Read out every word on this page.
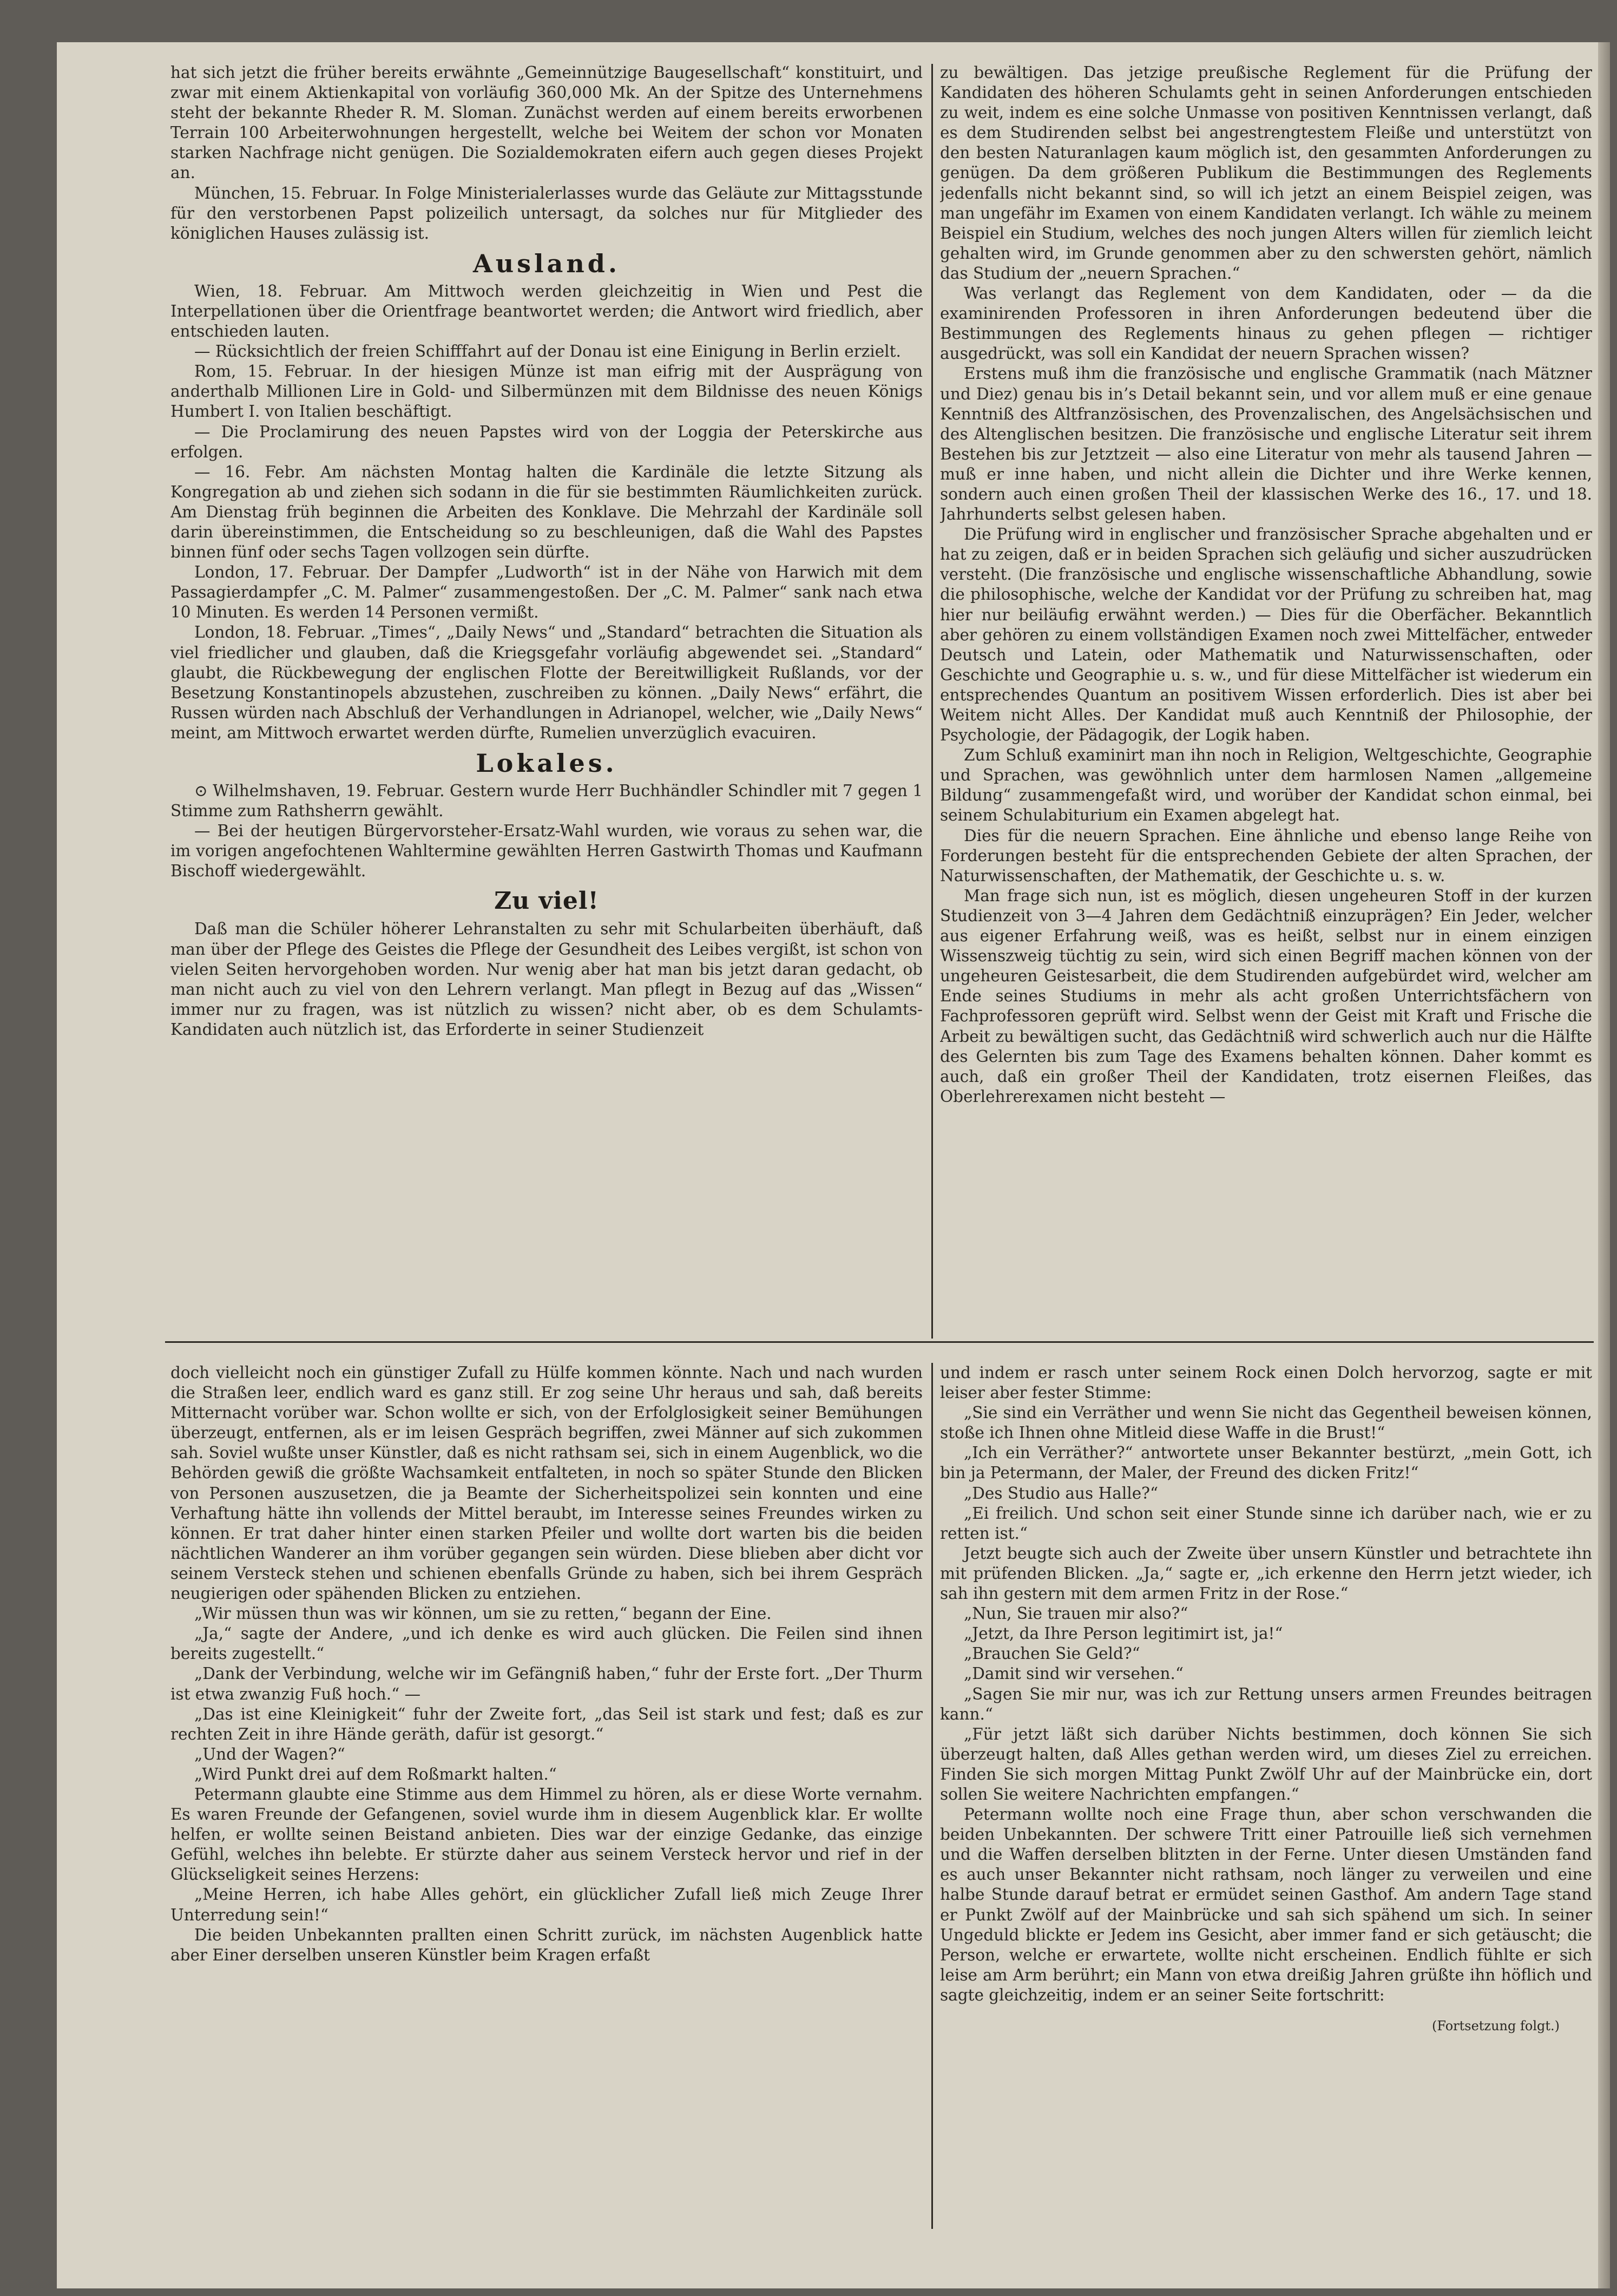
hat sich jetzt die früher bereits erwähnte „Gemeinnützige Baugesellschaft“ konstituirt, und zwar mit einem Aktienkapital von vorläufig 360,000 Mk. An der Spitze des Unternehmens steht der bekannte Rheder R. M. Sloman. Zunächst werden auf einem bereits erworbenen Terrain 100 Arbeiterwohnungen hergestellt, welche bei Weitem der schon vor Monaten starken Nachfrage nicht genügen. Die Sozialdemokraten eifern auch gegen dieses Projekt an.

München, 15. Februar. In Folge Ministerialerlasses wurde das Geläute zur Mittagsstunde für den verstorbenen Papst polizeilich untersagt, da solches nur für Mitglieder des königlichen Hauses zulässig ist.

Ausland.

Wien, 18. Februar. Am Mittwoch werden gleichzeitig in Wien und Pest die Interpellationen über die Orientfrage beantwortet werden; die Antwort wird friedlich, aber entschieden lauten.

— Rücksichtlich der freien Schifffahrt auf der Donau ist eine Einigung in Berlin erzielt.

Rom, 15. Februar. In der hiesigen Münze ist man eifrig mit der Ausprägung von anderthalb Millionen Lire in Gold- und Silbermünzen mit dem Bildnisse des neuen Königs Humbert I. von Italien beschäftigt.

— Die Proclamirung des neuen Papstes wird von der Loggia der Peterskirche aus erfolgen.

— 16. Febr. Am nächsten Montag halten die Kardinäle die letzte Sitzung als Kongregation ab und ziehen sich sodann in die für sie bestimmten Räumlichkeiten zurück. Am Dienstag früh beginnen die Arbeiten des Konklave. Die Mehrzahl der Kardinäle soll darin übereinstimmen, die Entscheidung so zu beschleunigen, daß die Wahl des Papstes binnen fünf oder sechs Tagen vollzogen sein dürfte.

London, 17. Februar. Der Dampfer „Ludworth“ ist in der Nähe von Harwich mit dem Passagierdampfer „C. M. Palmer“ zusammengestoßen. Der „C. M. Palmer“ sank nach etwa 10 Minuten. Es werden 14 Personen vermißt.

London, 18. Februar. „Times“, „Daily News“ und „Standard“ betrachten die Situation als viel friedlicher und glauben, daß die Kriegsgefahr vorläufig abgewendet sei. „Standard“ glaubt, die Rückbewegung der englischen Flotte der Bereitwilligkeit Rußlands, vor der Besetzung Konstantinopels abzustehen, zuschreiben zu können. „Daily News“ erfährt, die Russen würden nach Abschluß der Verhandlungen in Adrianopel, welcher, wie „Daily News“ meint, am Mittwoch erwartet werden dürfte, Rumelien unverzüglich evacuiren.

Lokales.

⊙ Wilhelmshaven, 19. Februar. Gestern wurde Herr Buchhändler Schindler mit 7 gegen 1 Stimme zum Rathsherrn gewählt.

— Bei der heutigen Bürgervorsteher-Ersatz-Wahl wurden, wie voraus zu sehen war, die im vorigen angefochtenen Wahltermine gewählten Herren Gastwirth Thomas und Kaufmann Bischoff wiedergewählt.

Zu viel!

Daß man die Schüler höherer Lehranstalten zu sehr mit Schularbeiten überhäuft, daß man über der Pflege des Geistes die Pflege der Gesundheit des Leibes vergißt, ist schon von vielen Seiten hervorgehoben worden. Nur wenig aber hat man bis jetzt daran gedacht, ob man nicht auch zu viel von den Lehrern verlangt. Man pflegt in Bezug auf das „Wissen“ immer nur zu fragen, was ist nützlich zu wissen? nicht aber, ob es dem Schulamts-Kandidaten auch nützlich ist, das Erforderte in seiner Studienzeit

zu bewältigen. Das jetzige preußische Reglement für die Prüfung der Kandidaten des höheren Schulamts geht in seinen Anforderungen entschieden zu weit, indem es eine solche Unmasse von positiven Kenntnissen verlangt, daß es dem Studirenden selbst bei angestrengtestem Fleiße und unterstützt von den besten Naturanlagen kaum möglich ist, den gesammten Anforderungen zu genügen. Da dem größeren Publikum die Bestimmungen des Reglements jedenfalls nicht bekannt sind, so will ich jetzt an einem Beispiel zeigen, was man ungefähr im Examen von einem Kandidaten verlangt. Ich wähle zu meinem Beispiel ein Studium, welches des noch jungen Alters willen für ziemlich leicht gehalten wird, im Grunde genommen aber zu den schwersten gehört, nämlich das Studium der „neuern Sprachen.“

Was verlangt das Reglement von dem Kandidaten, oder — da die examinirenden Professoren in ihren Anforderungen bedeutend über die Bestimmungen des Reglements hinaus zu gehen pflegen — richtiger ausgedrückt, was soll ein Kandidat der neuern Sprachen wissen?

Erstens muß ihm die französische und englische Grammatik (nach Mätzner und Diez) genau bis in’s Detail bekannt sein, und vor allem muß er eine genaue Kenntniß des Altfranzösischen, des Provenzalischen, des Angelsächsischen und des Altenglischen besitzen. Die französische und englische Literatur seit ihrem Bestehen bis zur Jetztzeit — also eine Literatur von mehr als tausend Jahren — muß er inne haben, und nicht allein die Dichter und ihre Werke kennen, sondern auch einen großen Theil der klassischen Werke des 16., 17. und 18. Jahrhunderts selbst gelesen haben.

Die Prüfung wird in englischer und französischer Sprache abgehalten und er hat zu zeigen, daß er in beiden Sprachen sich geläufig und sicher auszudrücken versteht. (Die französische und englische wissenschaftliche Abhandlung, sowie die philosophische, welche der Kandidat vor der Prüfung zu schreiben hat, mag hier nur beiläufig erwähnt werden.) — Dies für die Oberfächer. Bekanntlich aber gehören zu einem vollständigen Examen noch zwei Mittelfächer, entweder Deutsch und Latein, oder Mathematik und Naturwissenschaften, oder Geschichte und Geographie u. s. w., und für diese Mittelfächer ist wiederum ein entsprechendes Quantum an positivem Wissen erforderlich. Dies ist aber bei Weitem nicht Alles. Der Kandidat muß auch Kenntniß der Philosophie, der Psychologie, der Pädagogik, der Logik haben.

Zum Schluß examinirt man ihn noch in Religion, Weltgeschichte, Geographie und Sprachen, was gewöhnlich unter dem harmlosen Namen „allgemeine Bildung“ zusammengefaßt wird, und worüber der Kandidat schon einmal, bei seinem Schulabiturium ein Examen abgelegt hat.

Dies für die neuern Sprachen. Eine ähnliche und ebenso lange Reihe von Forderungen besteht für die entsprechenden Gebiete der alten Sprachen, der Naturwissenschaften, der Mathematik, der Geschichte u. s. w.

Man frage sich nun, ist es möglich, diesen ungeheuren Stoff in der kurzen Studienzeit von 3—4 Jahren dem Gedächtniß einzuprägen? Ein Jeder, welcher aus eigener Erfahrung weiß, was es heißt, selbst nur in einem einzigen Wissenszweig tüchtig zu sein, wird sich einen Begriff machen können von der ungeheuren Geistesarbeit, die dem Studirenden aufgebürdet wird, welcher am Ende seines Studiums in mehr als acht großen Unterrichtsfächern von Fachprofessoren geprüft wird. Selbst wenn der Geist mit Kraft und Frische die Arbeit zu bewältigen sucht, das Gedächtniß wird schwerlich auch nur die Hälfte des Gelernten bis zum Tage des Examens behalten können. Daher kommt es auch, daß ein großer Theil der Kandidaten, trotz eisernen Fleißes, das Oberlehrerexamen nicht besteht —

doch vielleicht noch ein günstiger Zufall zu Hülfe kommen könnte. Nach und nach wurden die Straßen leer, endlich ward es ganz still. Er zog seine Uhr heraus und sah, daß bereits Mitternacht vorüber war. Schon wollte er sich, von der Erfolglosigkeit seiner Bemühungen überzeugt, entfernen, als er im leisen Gespräch begriffen, zwei Männer auf sich zukommen sah. Soviel wußte unser Künstler, daß es nicht rathsam sei, sich in einem Augenblick, wo die Behörden gewiß die größte Wachsamkeit entfalteten, in noch so später Stunde den Blicken von Personen auszusetzen, die ja Beamte der Sicherheitspolizei sein konnten und eine Verhaftung hätte ihn vollends der Mittel beraubt, im Interesse seines Freundes wirken zu können. Er trat daher hinter einen starken Pfeiler und wollte dort warten bis die beiden nächtlichen Wanderer an ihm vorüber gegangen sein würden. Diese blieben aber dicht vor seinem Versteck stehen und schienen ebenfalls Gründe zu haben, sich bei ihrem Gespräch neugierigen oder spähenden Blicken zu entziehen.

„Wir müssen thun was wir können, um sie zu retten,“ begann der Eine.

„Ja,“ sagte der Andere, „und ich denke es wird auch glücken. Die Feilen sind ihnen bereits zugestellt.“

„Dank der Verbindung, welche wir im Gefängniß haben,“ fuhr der Erste fort. „Der Thurm ist etwa zwanzig Fuß hoch.“ —

„Das ist eine Kleinigkeit“ fuhr der Zweite fort, „das Seil ist stark und fest; daß es zur rechten Zeit in ihre Hände geräth, dafür ist gesorgt.“

„Und der Wagen?“

„Wird Punkt drei auf dem Roßmarkt halten.“

Petermann glaubte eine Stimme aus dem Himmel zu hören, als er diese Worte vernahm. Es waren Freunde der Gefangenen, soviel wurde ihm in diesem Augenblick klar. Er wollte helfen, er wollte seinen Beistand anbieten. Dies war der einzige Gedanke, das einzige Gefühl, welches ihn belebte. Er stürzte daher aus seinem Versteck hervor und rief in der Glückseligkeit seines Herzens:

„Meine Herren, ich habe Alles gehört, ein glücklicher Zufall ließ mich Zeuge Ihrer Unterredung sein!“

Die beiden Unbekannten prallten einen Schritt zurück, im nächsten Augenblick hatte aber Einer derselben unseren Künstler beim Kragen erfaßt

und indem er rasch unter seinem Rock einen Dolch hervorzog, sagte er mit leiser aber fester Stimme:

„Sie sind ein Verräther und wenn Sie nicht das Gegentheil beweisen können, stoße ich Ihnen ohne Mitleid diese Waffe in die Brust!“

„Ich ein Verräther?“ antwortete unser Bekannter bestürzt, „mein Gott, ich bin ja Petermann, der Maler, der Freund des dicken Fritz!“

„Des Studio aus Halle?“

„Ei freilich. Und schon seit einer Stunde sinne ich darüber nach, wie er zu retten ist.“

Jetzt beugte sich auch der Zweite über unsern Künstler und betrachtete ihn mit prüfenden Blicken. „Ja,“ sagte er, „ich erkenne den Herrn jetzt wieder, ich sah ihn gestern mit dem armen Fritz in der Rose.“

„Nun, Sie trauen mir also?“

„Jetzt, da Ihre Person legitimirt ist, ja!“

„Brauchen Sie Geld?“

„Damit sind wir versehen.“

„Sagen Sie mir nur, was ich zur Rettung unsers armen Freundes beitragen kann.“

„Für jetzt läßt sich darüber Nichts bestimmen, doch können Sie sich überzeugt halten, daß Alles gethan werden wird, um dieses Ziel zu erreichen. Finden Sie sich morgen Mittag Punkt Zwölf Uhr auf der Mainbrücke ein, dort sollen Sie weitere Nachrichten empfangen.“

Petermann wollte noch eine Frage thun, aber schon verschwanden die beiden Unbekannten. Der schwere Tritt einer Patrouille ließ sich vernehmen und die Waffen derselben blitzten in der Ferne. Unter diesen Umständen fand es auch unser Bekannter nicht rathsam, noch länger zu verweilen und eine halbe Stunde darauf betrat er ermüdet seinen Gasthof. Am andern Tage stand er Punkt Zwölf auf der Mainbrücke und sah sich spähend um sich. In seiner Ungeduld blickte er Jedem ins Gesicht, aber immer fand er sich getäuscht; die Person, welche er erwartete, wollte nicht erscheinen. Endlich fühlte er sich leise am Arm berührt; ein Mann von etwa dreißig Jahren grüßte ihn höflich und sagte gleichzeitig, indem er an seiner Seite fortschritt:

(Fortsetzung folgt.)
